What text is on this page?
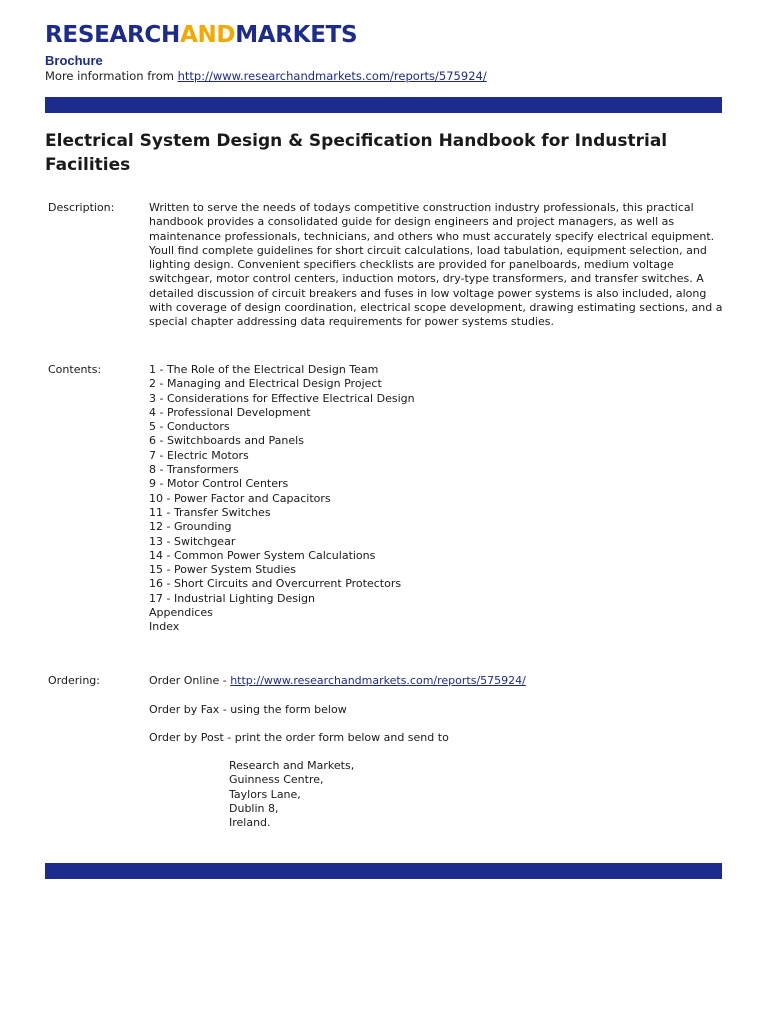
RESEARCHANDMARKETS
Brochure
More information from http://www.researchandmarkets.com/reports/575924/
Electrical System Design & Specification Handbook for Industrial Facilities
Description:	Written to serve the needs of todays competitive construction industry professionals, this practical handbook provides a consolidated guide for design engineers and project managers, as well as maintenance professionals, technicians, and others who must accurately specify electrical equipment. Youll find complete guidelines for short circuit calculations, load tabulation, equipment selection, and lighting design. Convenient specifiers checklists are provided for panelboards, medium voltage switchgear, motor control centers, induction motors, dry-type transformers, and transfer switches. A detailed discussion of circuit breakers and fuses in low voltage power systems is also included, along with coverage of design coordination, electrical scope development, drawing estimating sections, and a special chapter addressing data requirements for power systems studies.
Contents:	1 - The Role of the Electrical Design Team
2 - Managing and Electrical Design Project
3 - Considerations for Effective Electrical Design
4 - Professional Development
5 - Conductors
6 - Switchboards and Panels
7 - Electric Motors
8 - Transformers
9 - Motor Control Centers
10 - Power Factor and Capacitors
11 - Transfer Switches
12 - Grounding
13 - Switchgear
14 - Common Power System Calculations
15 - Power System Studies
16 - Short Circuits and Overcurrent Protectors
17 - Industrial Lighting Design
Appendices
Index
Ordering:	Order Online - http://www.researchandmarkets.com/reports/575924/
Order by Fax - using the form below
Order by Post - print the order form below and send to
Research and Markets,
Guinness Centre,
Taylors Lane,
Dublin 8,
Ireland.
